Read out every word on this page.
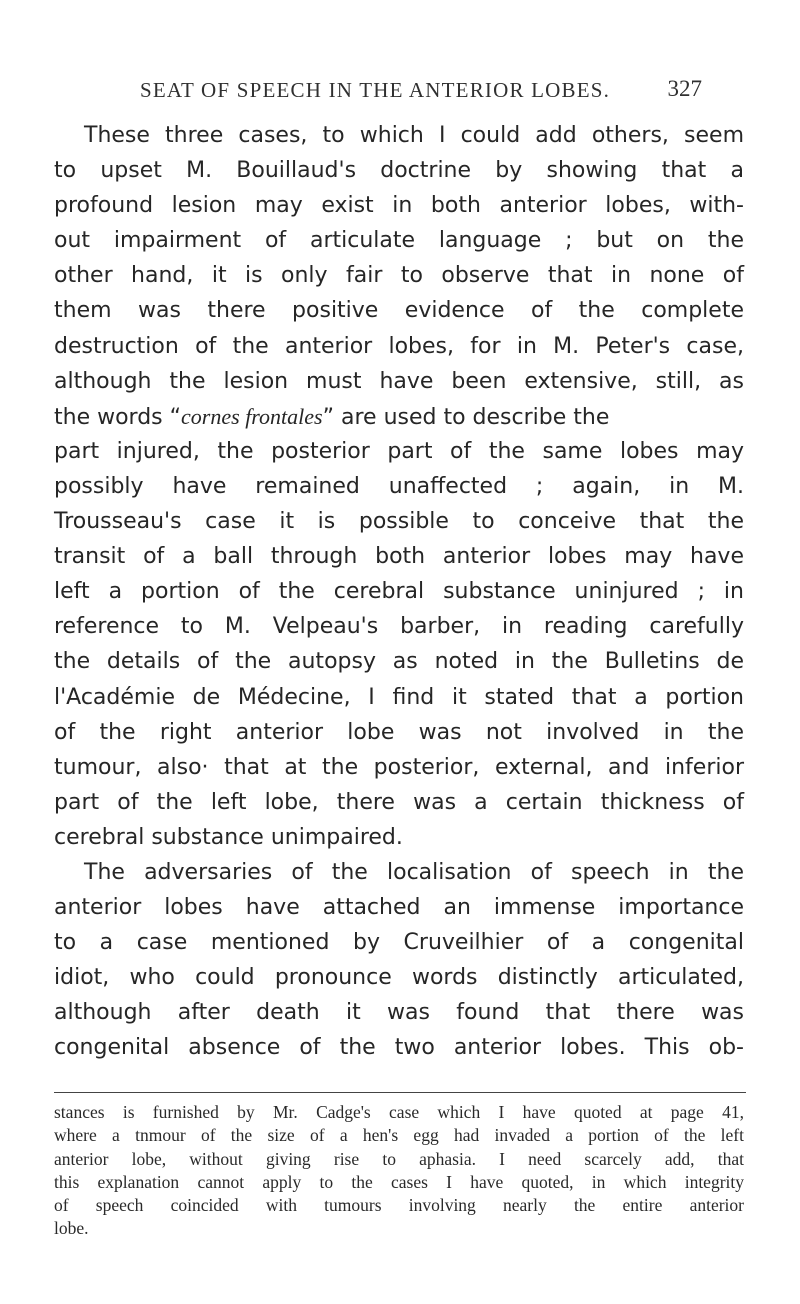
SEAT OF SPEECH IN THE ANTERIOR LOBES. 327
These three cases, to which I could add others, seem
to upset M. Bouillaud's doctrine by showing that a
profound lesion may exist in both anterior lobes, with-
out impairment of articulate language ; but on the
other hand, it is only fair to observe that in none of
them was there positive evidence of the complete
destruction of the anterior lobes, for in M. Peter's case,
although the lesion must have been extensive, still, as
the words “cornes frontales” are used to describe the
part injured, the posterior part of the same lobes may
possibly have remained unaffected ; again, in M.
Trousseau's case it is possible to conceive that the
transit of a ball through both anterior lobes may have
left a portion of the cerebral substance uninjured ; in
reference to M. Velpeau's barber, in reading carefully
the details of the autopsy as noted in the Bulletins de
l'Académie de Médecine, I find it stated that a portion
of the right anterior lobe was not involved in the
tumour, also· that at the posterior, external, and inferior
part of the left lobe, there was a certain thickness of
cerebral substance unimpaired.
The adversaries of the localisation of speech in the
anterior lobes have attached an immense importance
to a case mentioned by Cruveilhier of a congenital
idiot, who could pronounce words distinctly articulated,
although after death it was found that there was
congenital absence of the two anterior lobes. This ob-
stances is furnished by Mr. Cadge's case which I have quoted at page 41,
where a tnmour of the size of a hen's egg had invaded a portion of the left
anterior lobe, without giving rise to aphasia. I need scarcely add, that
this explanation cannot apply to the cases I have quoted, in which integrity
of speech coincided with tumours involving nearly the entire anterior
lobe.
